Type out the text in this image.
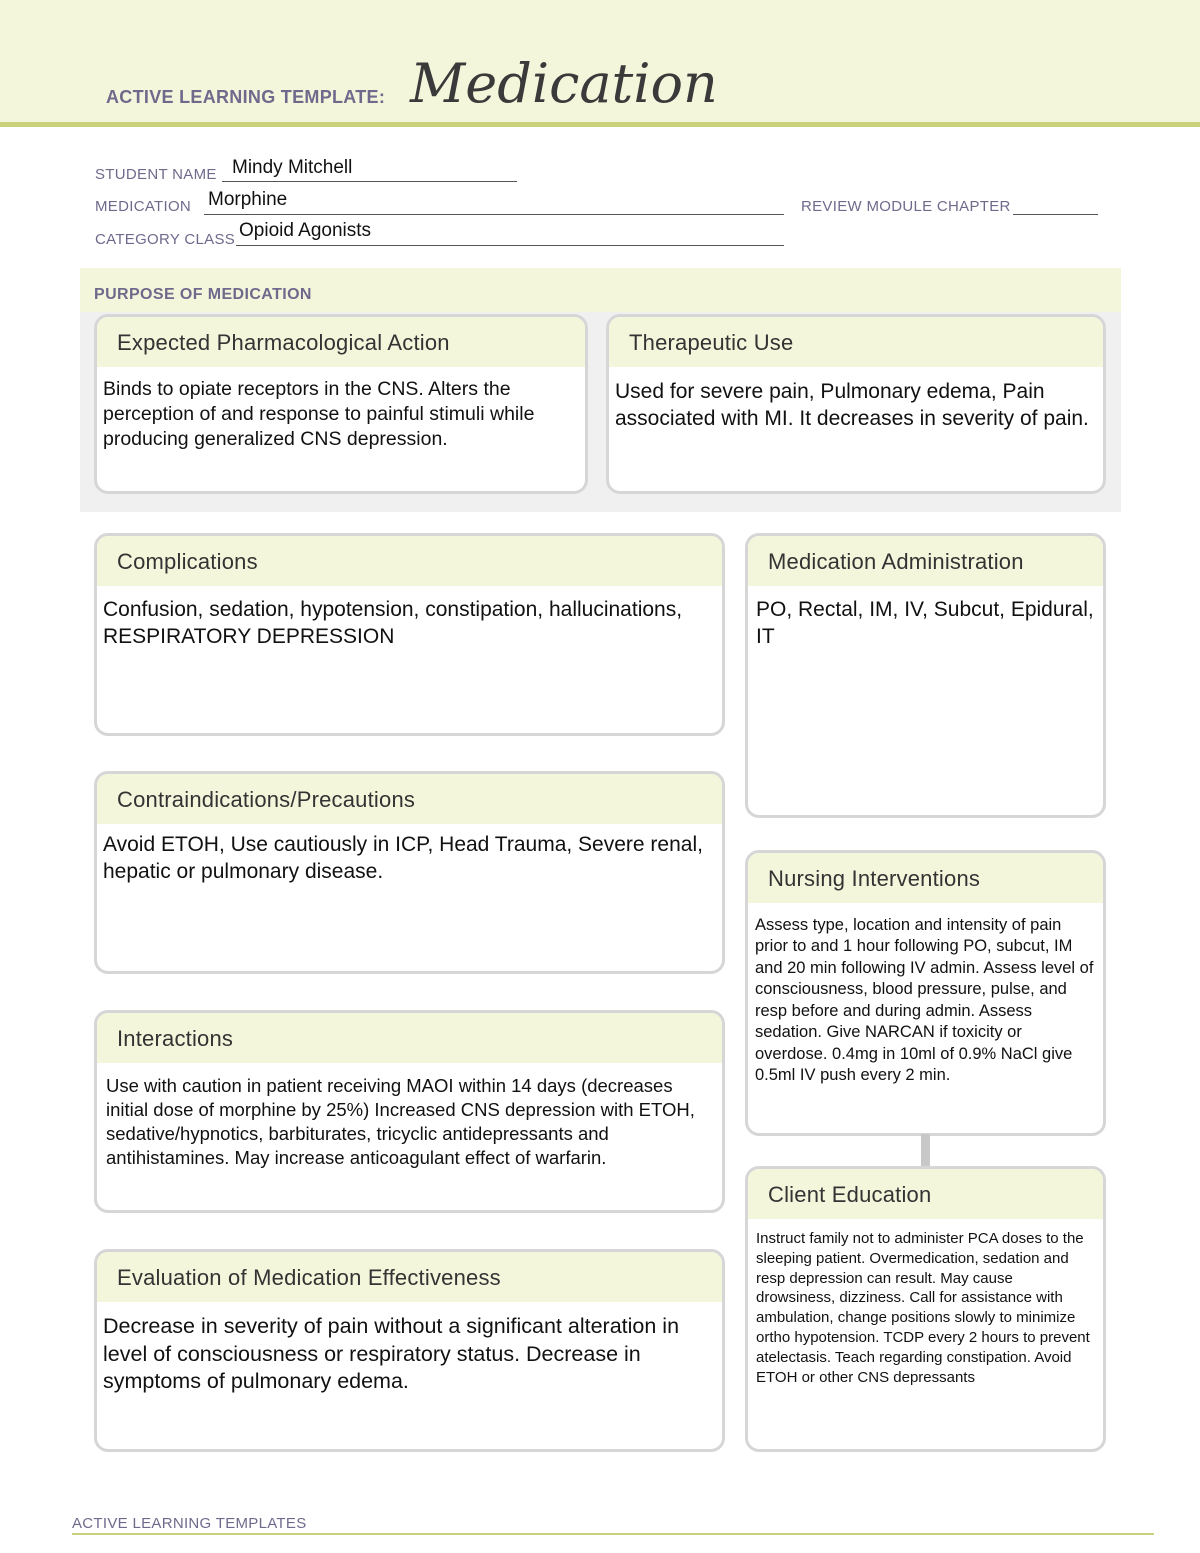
ACTIVE LEARNING TEMPLATE: Medication
STUDENT NAME Mindy Mitchell
MEDICATION Morphine	REVIEW MODULE CHAPTER
CATEGORY CLASS Opioid Agonists
PURPOSE OF MEDICATION
Expected Pharmacological Action
Binds to opiate receptors in the CNS. Alters the perception of and response to painful stimuli while producing generalized CNS depression.
Therapeutic Use
Used for severe pain, Pulmonary edema, Pain associated with MI. It decreases in severity of pain.
Complications
Confusion, sedation, hypotension, constipation, hallucinations, RESPIRATORY DEPRESSION
Contraindications/Precautions
Avoid ETOH, Use cautiously in ICP, Head Trauma, Severe renal, hepatic or pulmonary disease.
Interactions
Use with caution in patient receiving MAOI within 14 days (decreases initial dose of morphine by 25%) Increased CNS depression with ETOH, sedative/hypnotics, barbiturates, tricyclic antidepressants and antihistamines. May increase anticoagulant effect of warfarin.
Evaluation of Medication Effectiveness
Decrease in severity of pain without a significant alteration in level of consciousness or respiratory status. Decrease in symptoms of pulmonary edema.
Medication Administration
PO, Rectal, IM, IV, Subcut, Epidural, IT
Nursing Interventions
Assess type, location and intensity of pain prior to and 1 hour following PO, subcut, IM and 20 min following IV admin. Assess level of consciousness, blood pressure, pulse, and resp before and during admin. Assess sedation. Give NARCAN if toxicity or overdose. 0.4mg in 10ml of 0.9% NaCl give 0.5ml IV push every 2 min.
Client Education
Instruct family not to administer PCA doses to the sleeping patient. Overmedication, sedation and resp depression can result. May cause drowsiness, dizziness. Call for assistance with ambulation, change positions slowly to minimize ortho hypotension. TCDP every 2 hours to prevent atelectasis. Teach regarding constipation. Avoid ETOH or other CNS depressants
ACTIVE LEARNING TEMPLATES
